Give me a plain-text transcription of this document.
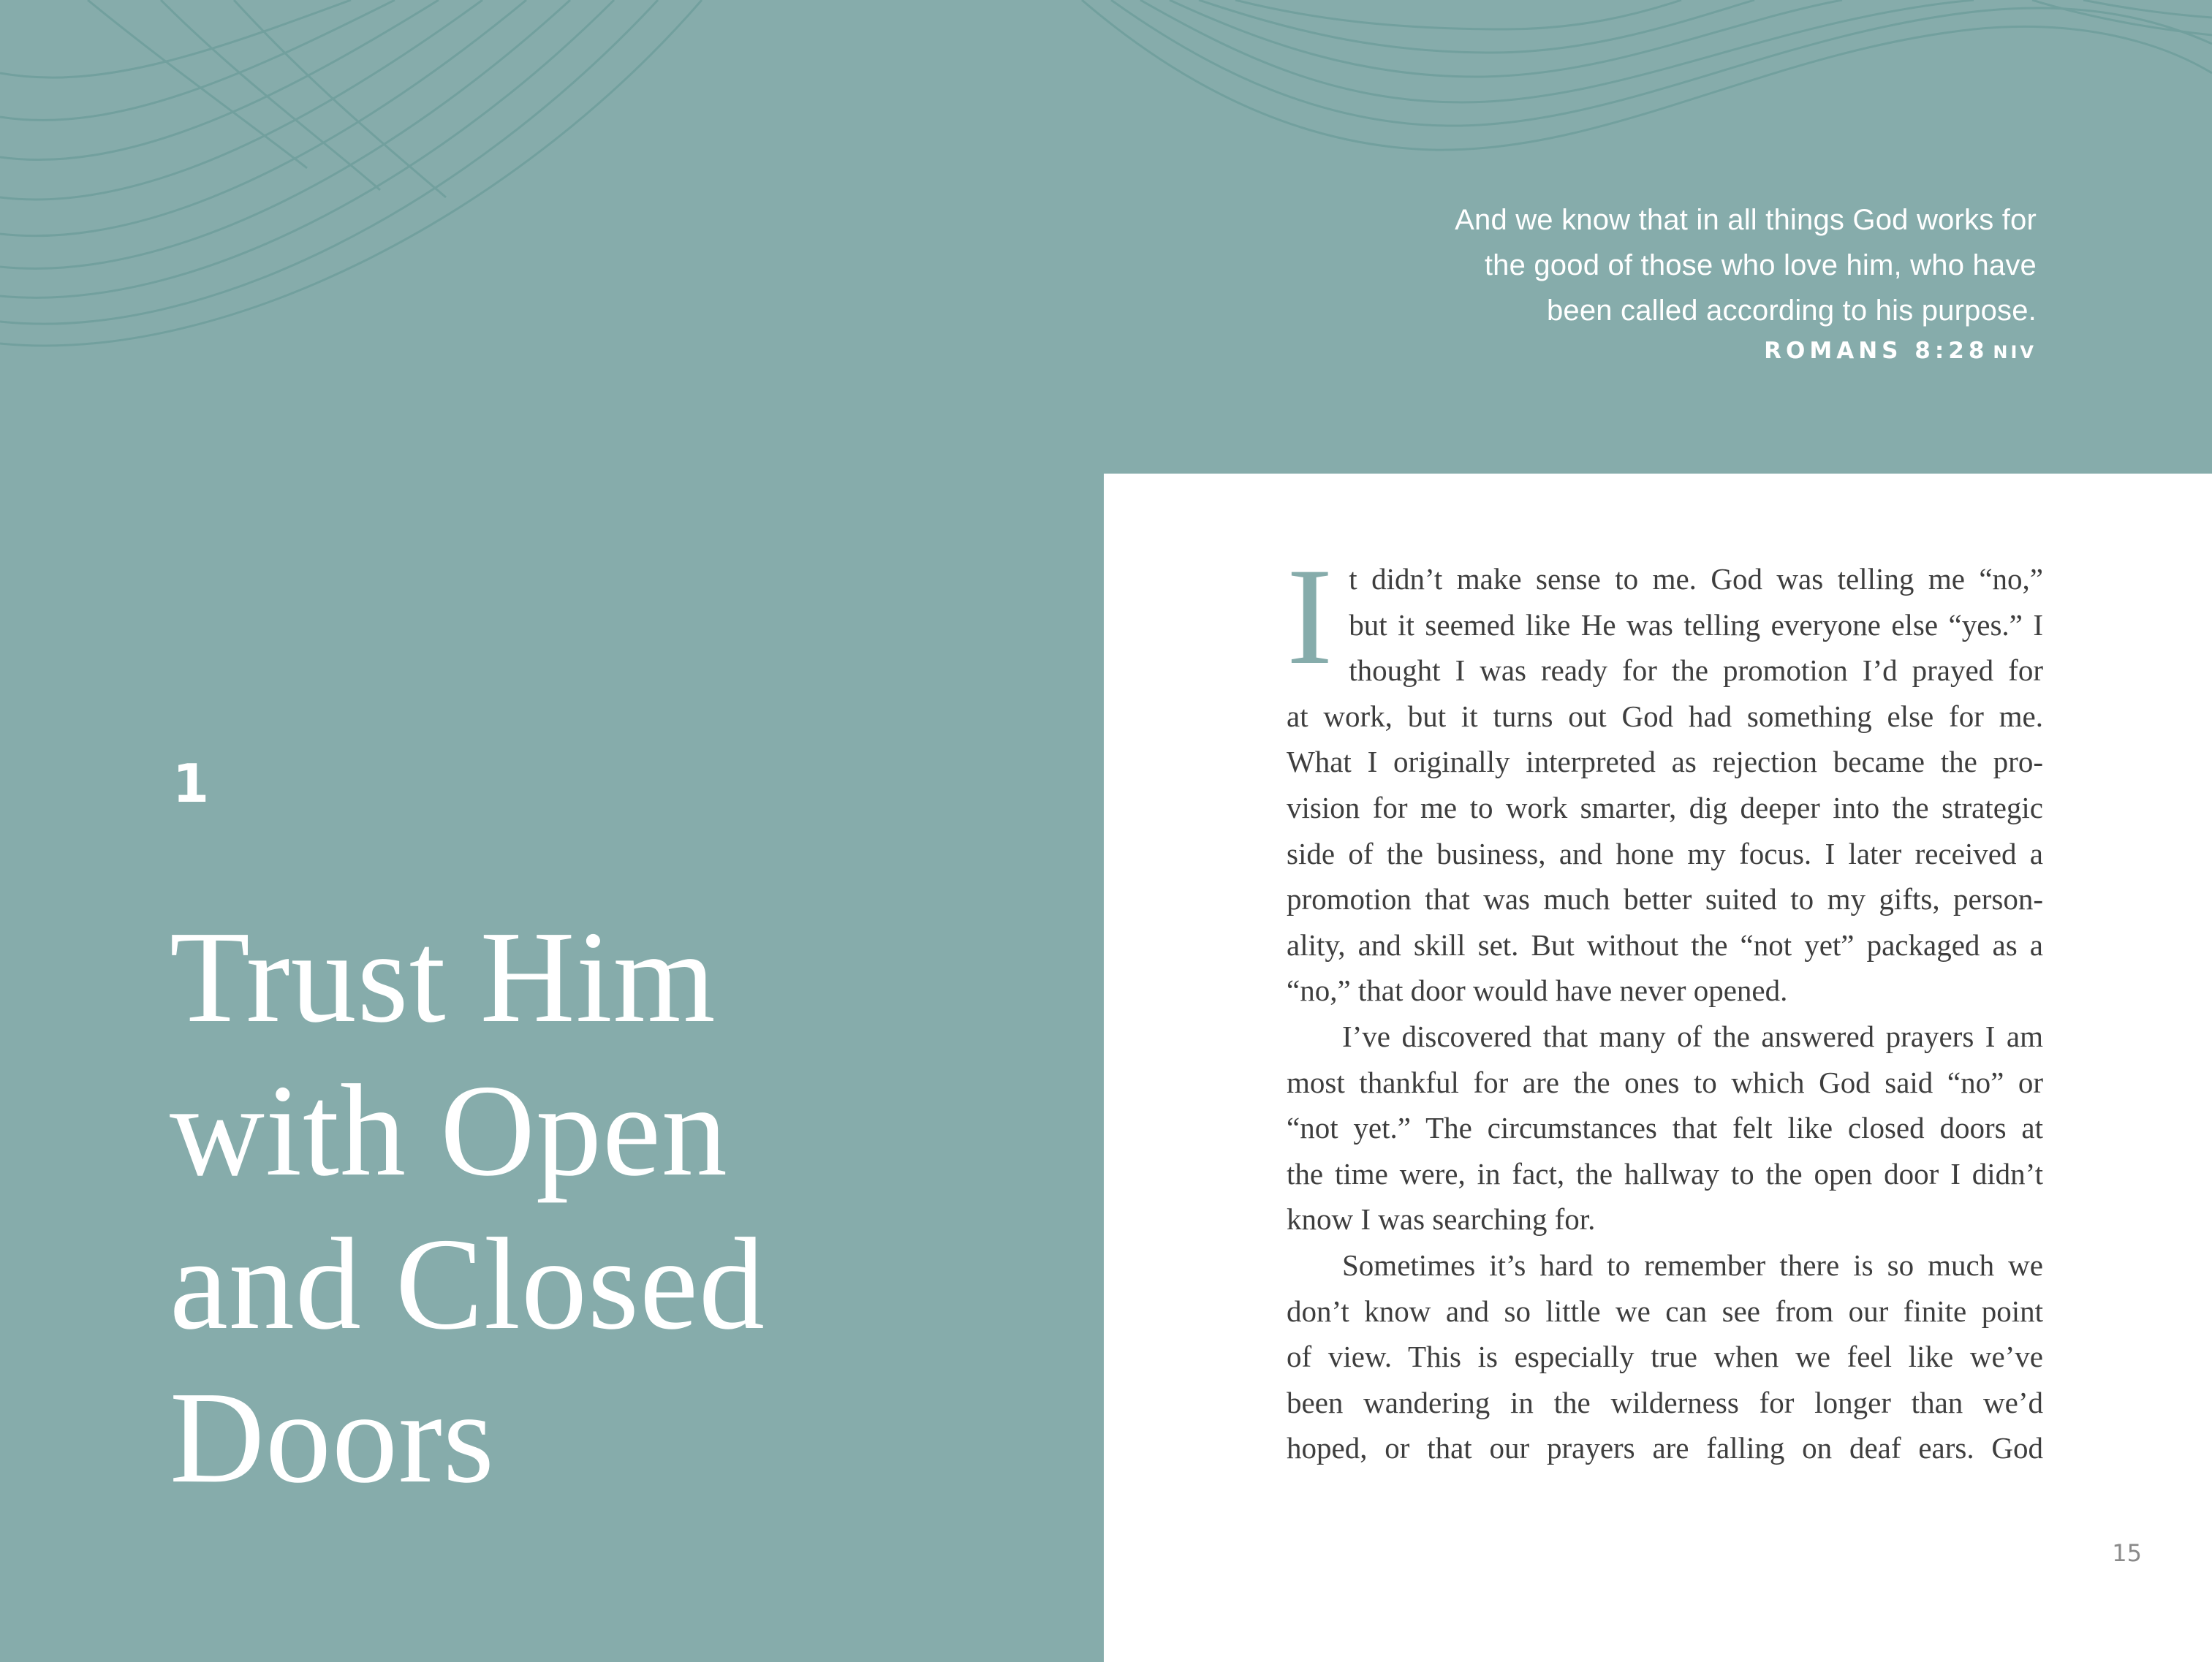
And we know that in all things God works for
the good of those who love him, who have
been called according to his purpose.
ROMANS 8:28 NIV
1
Trust Him
with Open
and Closed
Doors
I t didn’t make sense to me. God was telling me “no,”
but it seemed like He was telling everyone else “yes.” I
thought I was ready for the promotion I’d prayed for
at work, but it turns out God had something else for me.
What I originally interpreted as rejection became the pro-
vision for me to work smarter, dig deeper into the strategic
side of the business, and hone my focus. I later received a
promotion that was much better suited to my gifts, person-
ality, and skill set. But without the “not yet” packaged as a
“no,” that door would have never opened.
I’ve discovered that many of the answered prayers I am
most thankful for are the ones to which God said “no” or
“not yet.” The circumstances that felt like closed doors at
the time were, in fact, the hallway to the open door I didn’t
know I was searching for.
Sometimes it’s hard to remember there is so much we
don’t know and so little we can see from our finite point
of view. This is especially true when we feel like we’ve
been wandering in the wilderness for longer than we’d
hoped, or that our prayers are falling on deaf ears. God
15
